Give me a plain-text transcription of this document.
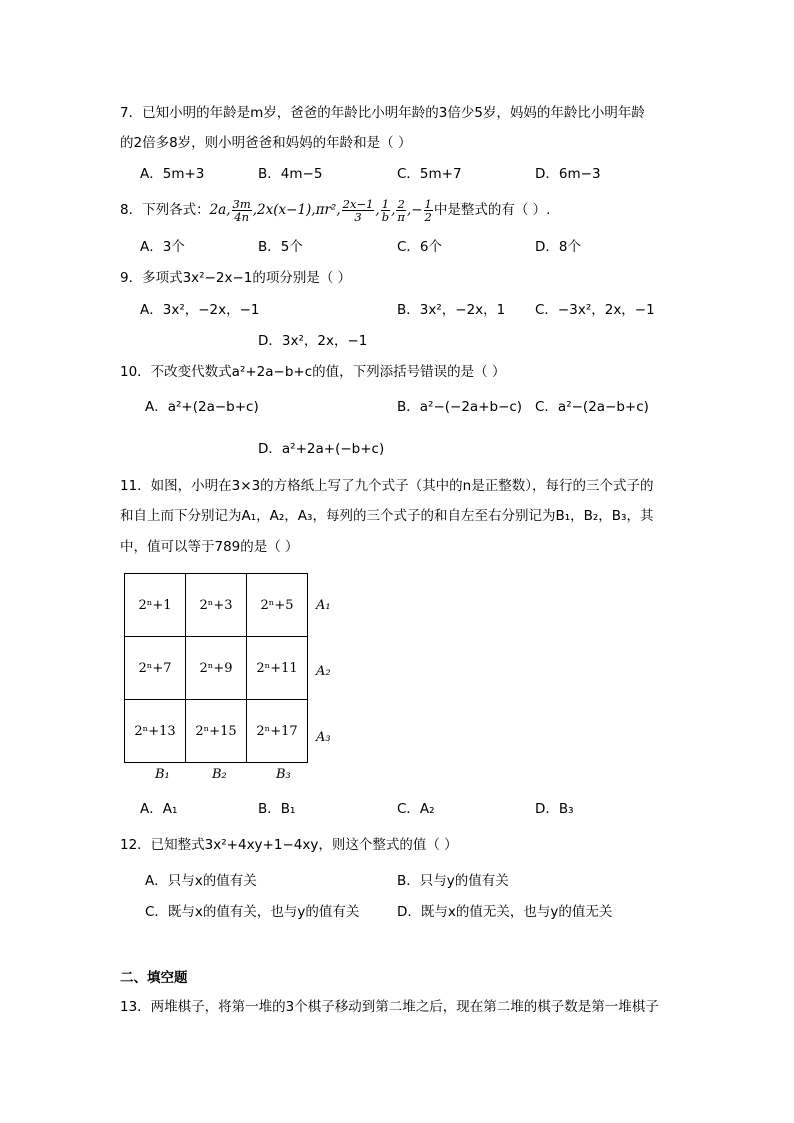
7．已知小明的年龄是m岁，爸爸的年龄比小明年龄的3倍少5岁，妈妈的年龄比小明年龄
的2倍多8岁，则小明爸爸和妈妈的年龄和是（ ）
A．5m+3	B．4m−5	C．5m+7	D．6m−3
8．下列各式：2a, $\frac{3m}{4n} ,2x(x-1),\pi r^2$, $\frac{2x-1}{3}$ , $\frac{1}{b}$ , $\frac{2}{\pi}$ ,− $\frac{1}{2}$ 中是整式的有（ ）.
A．3个	B．5个	C．6个	D．8个
9．多项式3x²−2x−1的项分别是（ ）
A．3x²，−2x，−1	B．3x²，−2x，1 C．−3x²，2x，−1
D．3x²，2x，−1
10．不改变代数式a²+2a−b+c的值，下列添括号错误的是（ ）
A．a²+(2a−b+c)	B．a²−(−2a+b−c) C．a²−(2a−b+c)
D．a²+2a+(−b+c)
11．如图，小明在3×3的方格纸上写了九个式子（其中的n是正整数），每行的三个式子的
和自上而下分别记为A₁，A₂，A₃，每列的三个式子的和自左至右分别记为B₁，B₂，B₃，其
中，值可以等于789的是（ ）
2ⁿ+1	2ⁿ+3	2ⁿ+5
2ⁿ+7	2ⁿ+9	2ⁿ+11
2ⁿ+13	2ⁿ+15	2ⁿ+17
A₁
A₂
A₃
B₁	B₂	B₃
A．A₁	B．B₁	C．A₂	D．B₃
12．已知整式3x²+4xy+1−4xy，则这个整式的值（ ）
A．只与x的值有关	B．只与y的值有关
C．既与x的值有关，也与y的值有关	D．既与x的值无关，也与y的值无关
二、填空题
13．两堆棋子，将第一堆的3个棋子移动到第二堆之后，现在第二堆的棋子数是第一堆棋子
